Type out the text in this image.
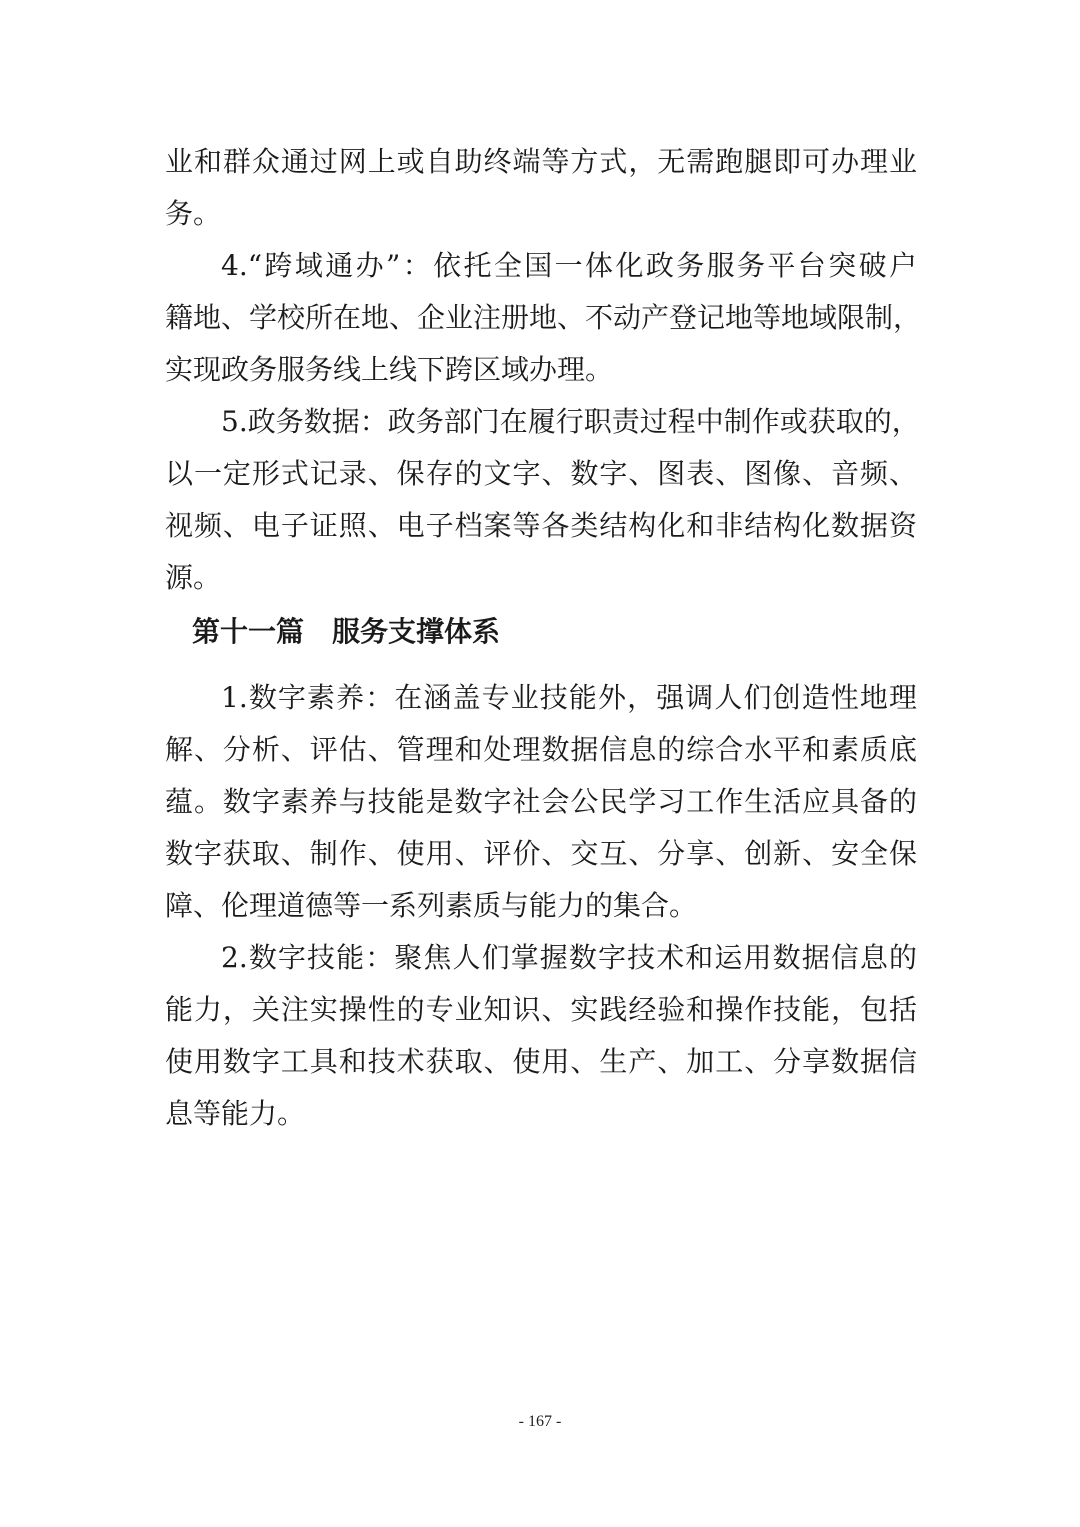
业和群众通过网上或自助终端等方式，无需跑腿即可办理业
务。
4.“跨域通办”：依托全国一体化政务服务平台突破户
籍地、学校所在地、企业注册地、不动产登记地等地域限制，
实现政务服务线上线下跨区域办理。
5.政务数据：政务部门在履行职责过程中制作或获取的，
以一定形式记录、保存的文字、数字、图表、图像、音频、
视频、电子证照、电子档案等各类结构化和非结构化数据资
源。
第十一篇　服务支撑体系
1.数字素养：在涵盖专业技能外，强调人们创造性地理
解、分析、评估、管理和处理数据信息的综合水平和素质底
蕴。数字素养与技能是数字社会公民学习工作生活应具备的
数字获取、制作、使用、评价、交互、分享、创新、安全保
障、伦理道德等一系列素质与能力的集合。
2.数字技能：聚焦人们掌握数字技术和运用数据信息的
能力，关注实操性的专业知识、实践经验和操作技能，包括
使用数字工具和技术获取、使用、生产、加工、分享数据信
息等能力。
- 167 -
